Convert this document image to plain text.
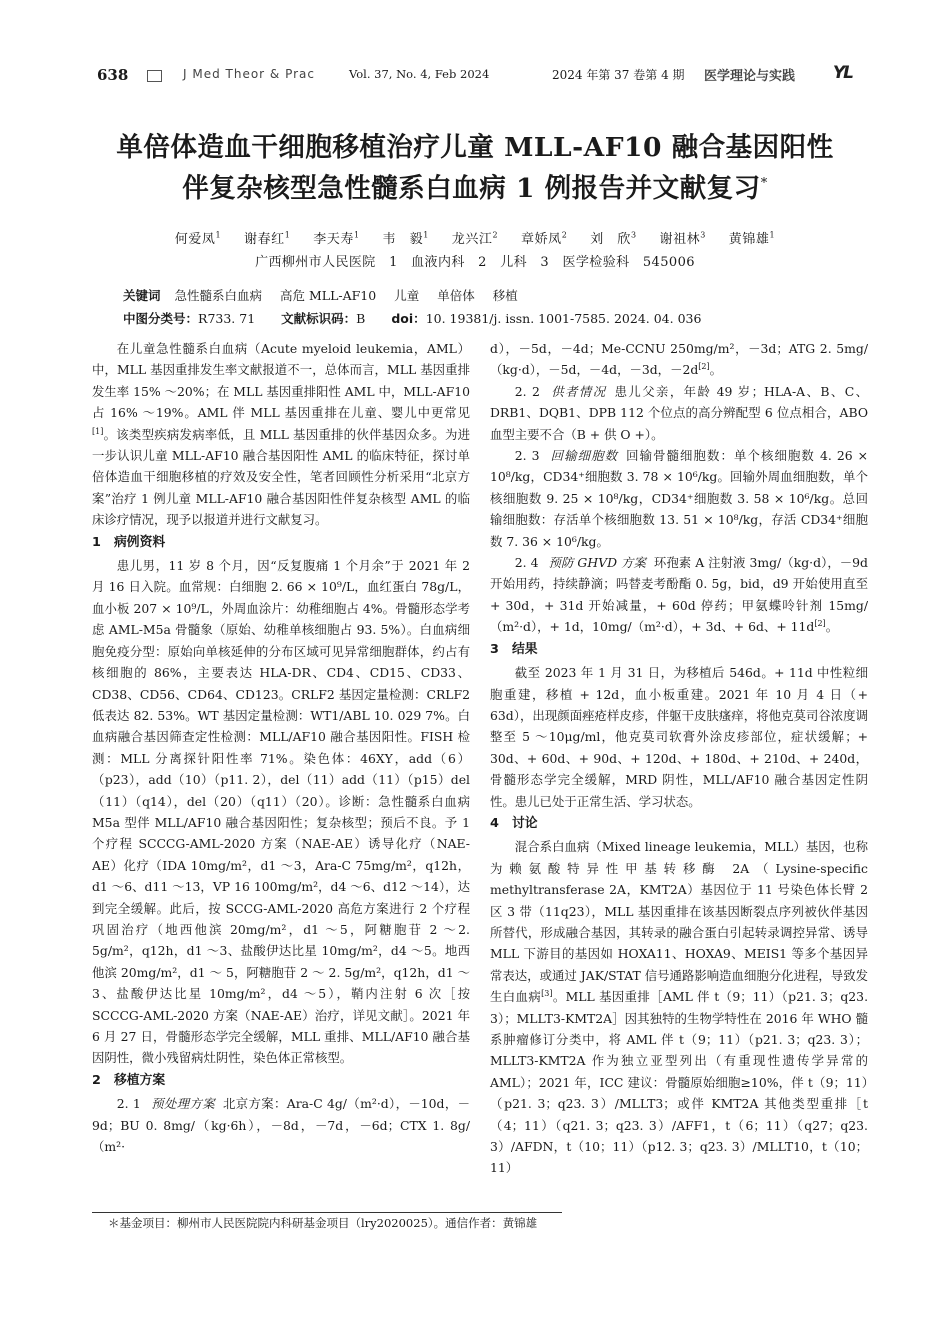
638	J Med Theor & Prac	Vol. 37, No. 4, Feb 2024	2024 年第 37 卷第 4 期 医学理论与实践 YL
单倍体造血干细胞移植治疗儿童 MLL-AF10 融合基因阳性
伴复杂核型急性髓系白血病 1 例报告并文献复习*
何爱凤$^1$ 谢春红$^1$ 李天寿$^1$ 韦　毅$^1$ 龙兴江$^2$ 章娇凤$^2$ 刘　欣$^3$ 谢祖林$^3$ 黄锦雄$^1$
广西柳州市人民医院　1　血液内科　2　儿科　3　医学检验科　545006
关键词 急性髓系白血病 高危 MLL-AF10 儿童 单倍体 移植
中图分类号：R733. 71 文献标识码：B doi：10. 19381/j. issn. 1001-7585. 2024. 04. 036

在儿童急性髓系白血病（Acute myeloid leukemia，AML）中，MLL 基因重排发生率文献报道不一，总体而言，MLL 基因重排发生率 15% ～20%；在 MLL 基因重排阳性 AML 中，MLL-AF10 占 16% ～19%。AML 伴 MLL 基因重排在儿童、婴儿中更常见[1]。该类型疾病发病率低，且 MLL 基因重排的伙伴基因众多。为进一步认识儿童 MLL-AF10 融合基因阳性 AML 的临床特征，探讨单倍体造血干细胞移植的疗效及安全性，笔者回顾性分析采用“北京方案”治疗 1 例儿童 MLL-AF10 融合基因阳性伴复杂核型 AML 的临床诊疗情况，现予以报道并进行文献复习。

1 病例资料

患儿男，11 岁 8 个月，因“反复腹痛 1 个月余”于 2021 年 2 月 16 日入院。血常规：白细胞 2. 66 × 10⁹/L，血红蛋白 78g/L，血小板 207 × 10⁹/L，外周血涂片：幼稚细胞占 4%。骨髓形态学考虑 AML-M5a 骨髓象（原始、幼稚单核细胞占 93. 5%）。白血病细胞免疫分型：原始向单核延伸的分布区域可见异常细胞群体，约占有核细胞的 86%，主要表达 HLA-DR、CD4、CD15、CD33、CD38、CD56、CD64、CD123。CRLF2 基因定量检测：CRLF2 低表达 82. 53%。WT 基因定量检测：WT1/ABL 10. 029 7%。白血病融合基因筛查定性检测：MLL/AF10 融合基因阳性。FISH 检测：MLL 分离探针阳性率 71%。染色体：46XY，add（6）（p23），add（10）（p11. 2），del（11）add（11）（p15）del（11）（q14），del（20）（q11）（20）。诊断：急性髓系白血病 M5a 型伴 MLL/AF10 融合基因阳性；复杂核型；预后不良。予 1 个疗程 SCCCG-AML-2020 方案（NAE-AE）诱导化疗（NAE-AE）化疗（IDA 10mg/m²，d1 ～3，Ara-C 75mg/m²，q12h，d1 ～6、d11 ～13，VP 16 100mg/m²，d4 ～6、d12 ～14），达到完全缓解。此后，按 SCCG-AML-2020 高危方案进行 2 个疗程巩固治疗（地西他滨 20mg/m²，d1 ～5，阿糖胞苷 2 ～2. 5g/m²，q12h，d1 ～3、盐酸伊达比星 10mg/m²，d4 ～5。地西他滨 20mg/m²，d1 ～ 5，阿糖胞苷 2 ～ 2. 5g/m²，q12h，d1 ～3、盐酸伊达比星 10mg/m²，d4 ～5），鞘内注射 6 次［按 SCCCG-AML-2020 方案（NAE-AE）治疗，详见文献］。2021 年 6 月 27 日，骨髓形态学完全缓解，MLL 重排、MLL/AF10 融合基因阴性，微小残留病灶阴性，染色体正常核型。

2 移植方案

2. 1 预处理方案 北京方案：Ara-C 4g/（m²·d），－10d，－9d；BU 0. 8mg/（kg·6h），－8d，－7d，－6d；CTX 1. 8g/（m²·

d），－5d，－4d；Me-CCNU 250mg/m²，－3d；ATG 2. 5mg/（kg·d），－5d，－4d，－3d，－2d[2]。

2. 2 供者情况 患儿父亲，年龄 49 岁；HLA-A、B、C、DRB1、DQB1、DPB 112 个位点的高分辨配型 6 位点相合，ABO 血型主要不合（B + 供 O +）。

2. 3 回输细胞数 回输骨髓细胞数：单个核细胞数 4. 26 × 10⁸/kg，CD34⁺细胞数 3. 78 × 10⁶/kg。回输外周血细胞数，单个核细胞数 9. 25 × 10⁸/kg，CD34⁺细胞数 3. 58 × 10⁶/kg。总回输细胞数：存活单个核细胞数 13. 51 × 10⁸/kg，存活 CD34⁺细胞数 7. 36 × 10⁶/kg。

2. 4 预防 GHVD 方案 环孢素 A 注射液 3mg/（kg·d），－9d开始用药，持续静滴；吗替麦考酚酯 0. 5g，bid，d9 开始使用直至 + 30d，+ 31d 开始减量，+ 60d 停药；甲氨蝶呤针剂 15mg/（m²·d），+ 1d，10mg/（m²·d），+ 3d、+ 6d、+ 11d[2]。

3 结果

截至 2023 年 1 月 31 日，为移植后 546d。+ 11d 中性粒细胞重建，移植 + 12d，血小板重建。2021 年 10 月 4 日（+ 63d），出现颜面痤疮样皮疹，伴躯干皮肤瘙痒，将他克莫司谷浓度调整至 5 ～10μg/ml，他克莫司软膏外涂皮疹部位，症状缓解；+ 30d、+ 60d、+ 90d、+ 120d、+ 180d、+ 210d、+ 240d，骨髓形态学完全缓解，MRD 阴性，MLL/AF10 融合基因定性阴性。患儿已处于正常生活、学习状态。

4 讨论

混合系白血病（Mixed lineage leukemia，MLL）基因，也称为赖氨酸特异性甲基转移酶 2A（Lysine-specific methyltransferase 2A，KMT2A）基因位于 11 号染色体长臂 2 区 3 带（11q23），MLL 基因重排在该基因断裂点序列被伙伴基因所替代，形成融合基因，其转录的融合蛋白引起转录调控异常、诱导 MLL 下游目的基因如 HOXA11、HOXA9、MEIS1 等多个基因异常表达，或通过 JAK/STAT 信号通路影响造血细胞分化进程，导致发生白血病[3]。MLL 基因重排［AML 伴 t（9；11）（p21. 3；q23. 3）；MLLT3-KMT2A］因其独特的生物学特性在 2016 年 WHO 髓系肿瘤修订分类中，将 AML 伴 t（9；11）（p21. 3；q23. 3）；MLLT3-KMT2A 作为独立亚型列出（有重现性遗传学异常的 AML）；2021 年，ICC 建议：骨髓原始细胞≥10%，伴 t（9；11）（p21. 3；q23. 3）/MLLT3；或伴 KMT2A 其他类型重排［t（4；11）（q21. 3；q23. 3）/AFF1，t（6；11）（q27；q23. 3）/AFDN，t（10；11）（p12. 3；q23. 3）/MLLT10，t（10；11）

＊基金项目：柳州市人民医院院内科研基金项目（lry2020025）。通信作者：黄锦雄
